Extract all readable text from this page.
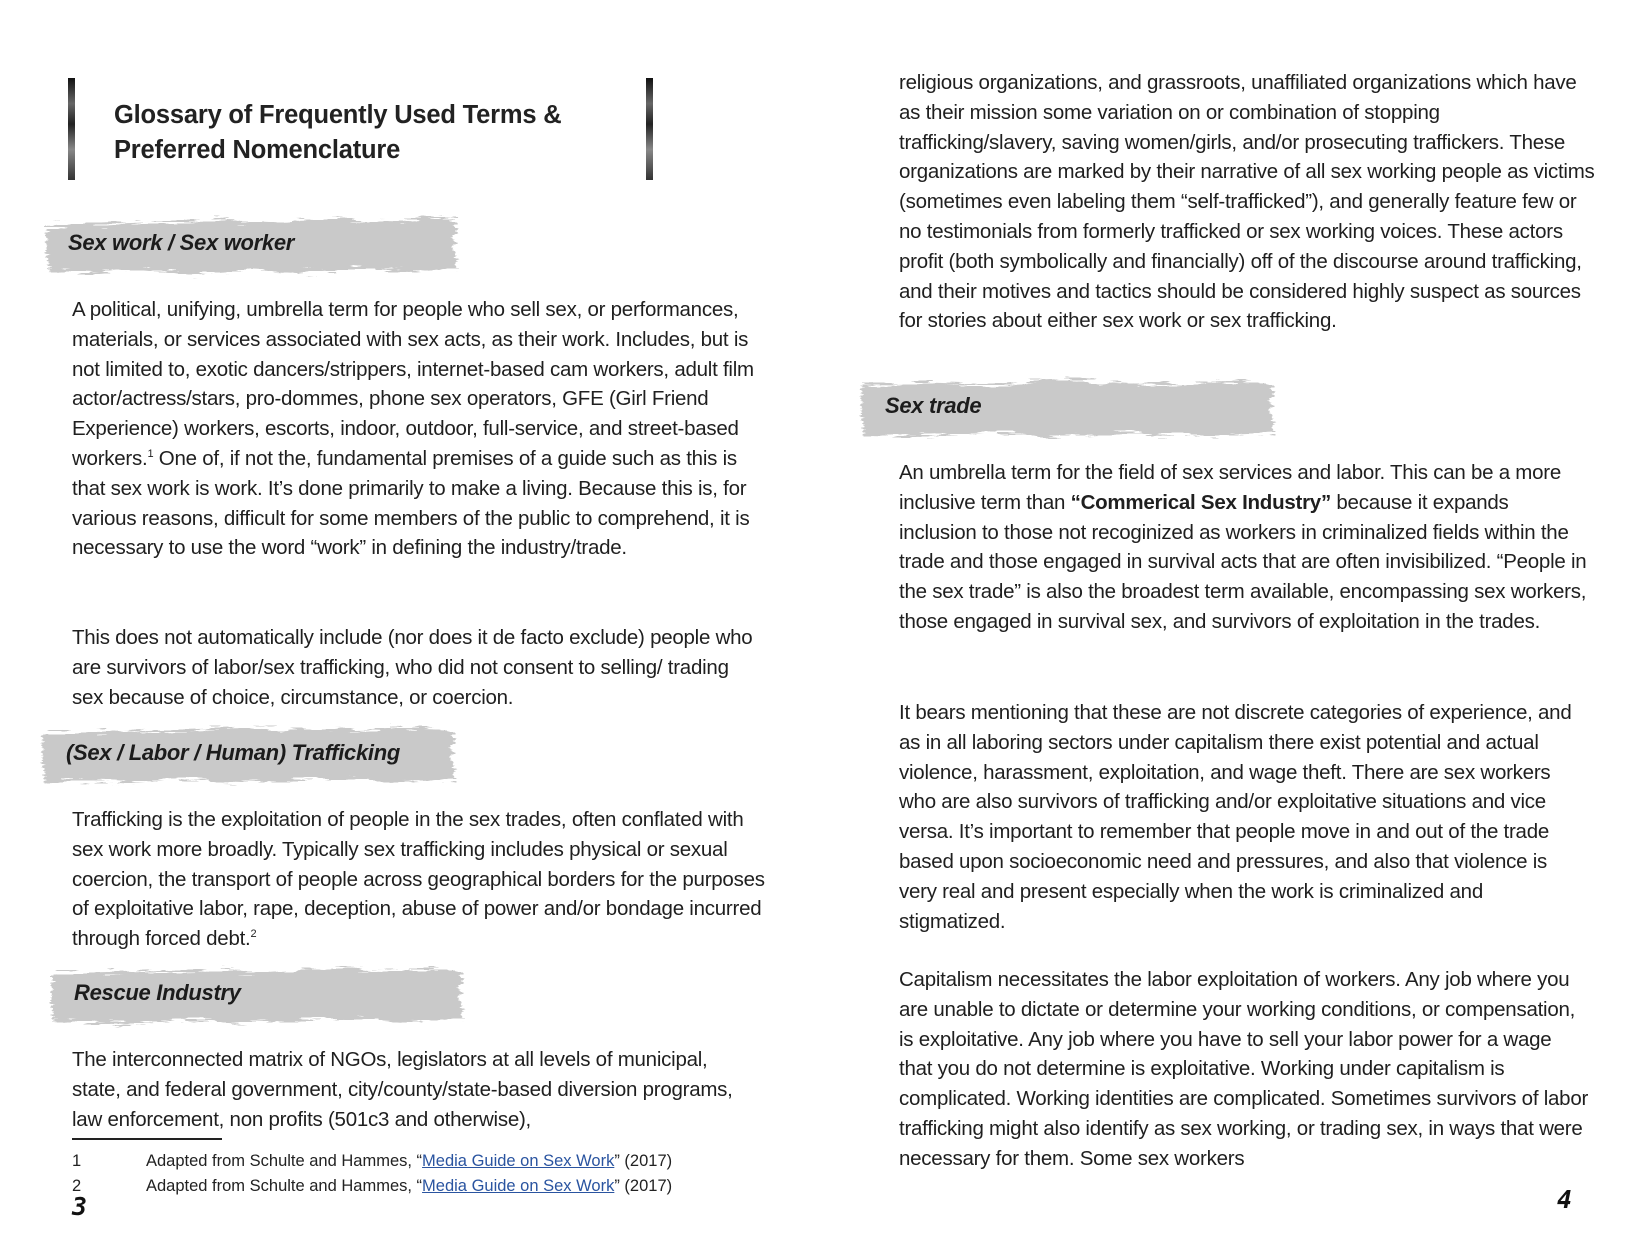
Glossary of Frequently Used Terms &
Preferred Nomenclature
Sex work / Sex worker

A political, unifying, umbrella term for people who sell sex, or performances, materials, or services associated with sex acts, as their work. Includes, but is not limited to, exotic dancers/strippers, internet-based cam workers, adult film actor/actress/stars, pro-dommes, phone sex operators, GFE (Girl Friend Experience) workers, escorts, indoor, outdoor, full-service, and street-based workers.$^1$ One of, if not the, fundamental premises of a guide such as this is that sex work is work. It’s done primarily to make a living. Because this is, for various reasons, difficult for some members of the public to comprehend, it is necessary to use the word “work” in defining the industry/trade.

This does not automatically include (nor does it de facto exclude) people who are survivors of labor/sex trafficking, who did not consent to selling/ trading sex because of choice, circumstance, or coercion.

(Sex / Labor / Human) Trafficking

Trafficking is the exploitation of people in the sex trades, often conflated with sex work more broadly. Typically sex trafficking includes physical or sexual coercion, the transport of people across geographical borders for the purposes of exploitative labor, rape, deception, abuse of power and/or bondage incurred through forced debt.$^2$

Rescue Industry

The interconnected matrix of NGOs, legislators at all levels of municipal, state, and federal government, city/county/state-based diversion programs, law enforcement, non profits (501c3 and otherwise),

1	Adapted from Schulte and Hammes, “Media Guide on Sex Work” (2017)
2	Adapted from Schulte and Hammes, “Media Guide on Sex Work” (2017)
3

religious organizations, and grassroots, unaffiliated organizations which have as their mission some variation on or combination of stopping trafficking/slavery, saving women/girls, and/or prosecuting traffickers. These organizations are marked by their narrative of all sex working people as victims (sometimes even labeling them “self-trafficked”), and generally feature few or no testimonials from formerly trafficked or sex working voices. These actors profit (both symbolically and financially) off of the discourse around trafficking, and their motives and tactics should be considered highly suspect as sources for stories about either sex work or sex trafficking.

Sex trade

An umbrella term for the field of sex services and labor. This can be a more inclusive term than “Commerical Sex Industry” because it expands inclusion to those not recoginized as workers in criminalized fields within the trade and those engaged in survival acts that are often invisibilized. “People in the sex trade” is also the broadest term available, encompassing sex workers, those engaged in survival sex, and survivors of exploitation in the trades.

It bears mentioning that these are not discrete categories of experience, and as in all laboring sectors under capitalism there exist potential and actual violence, harassment, exploitation, and wage theft. There are sex workers who are also survivors of trafficking and/or exploitative situations and vice versa. It’s important to remember that people move in and out of the trade based upon socioeconomic need and pressures, and also that violence is very real and present especially when the work is criminalized and stigmatized.

Capitalism necessitates the labor exploitation of workers. Any job where you are unable to dictate or determine your working conditions, or compensation, is exploitative. Any job where you have to sell your labor power for a wage that you do not determine is exploitative. Working under capitalism is complicated. Working identities are complicated. Sometimes survivors of labor trafficking might also identify as sex working, or trading sex, in ways that were necessary for them. Some sex workers

4
